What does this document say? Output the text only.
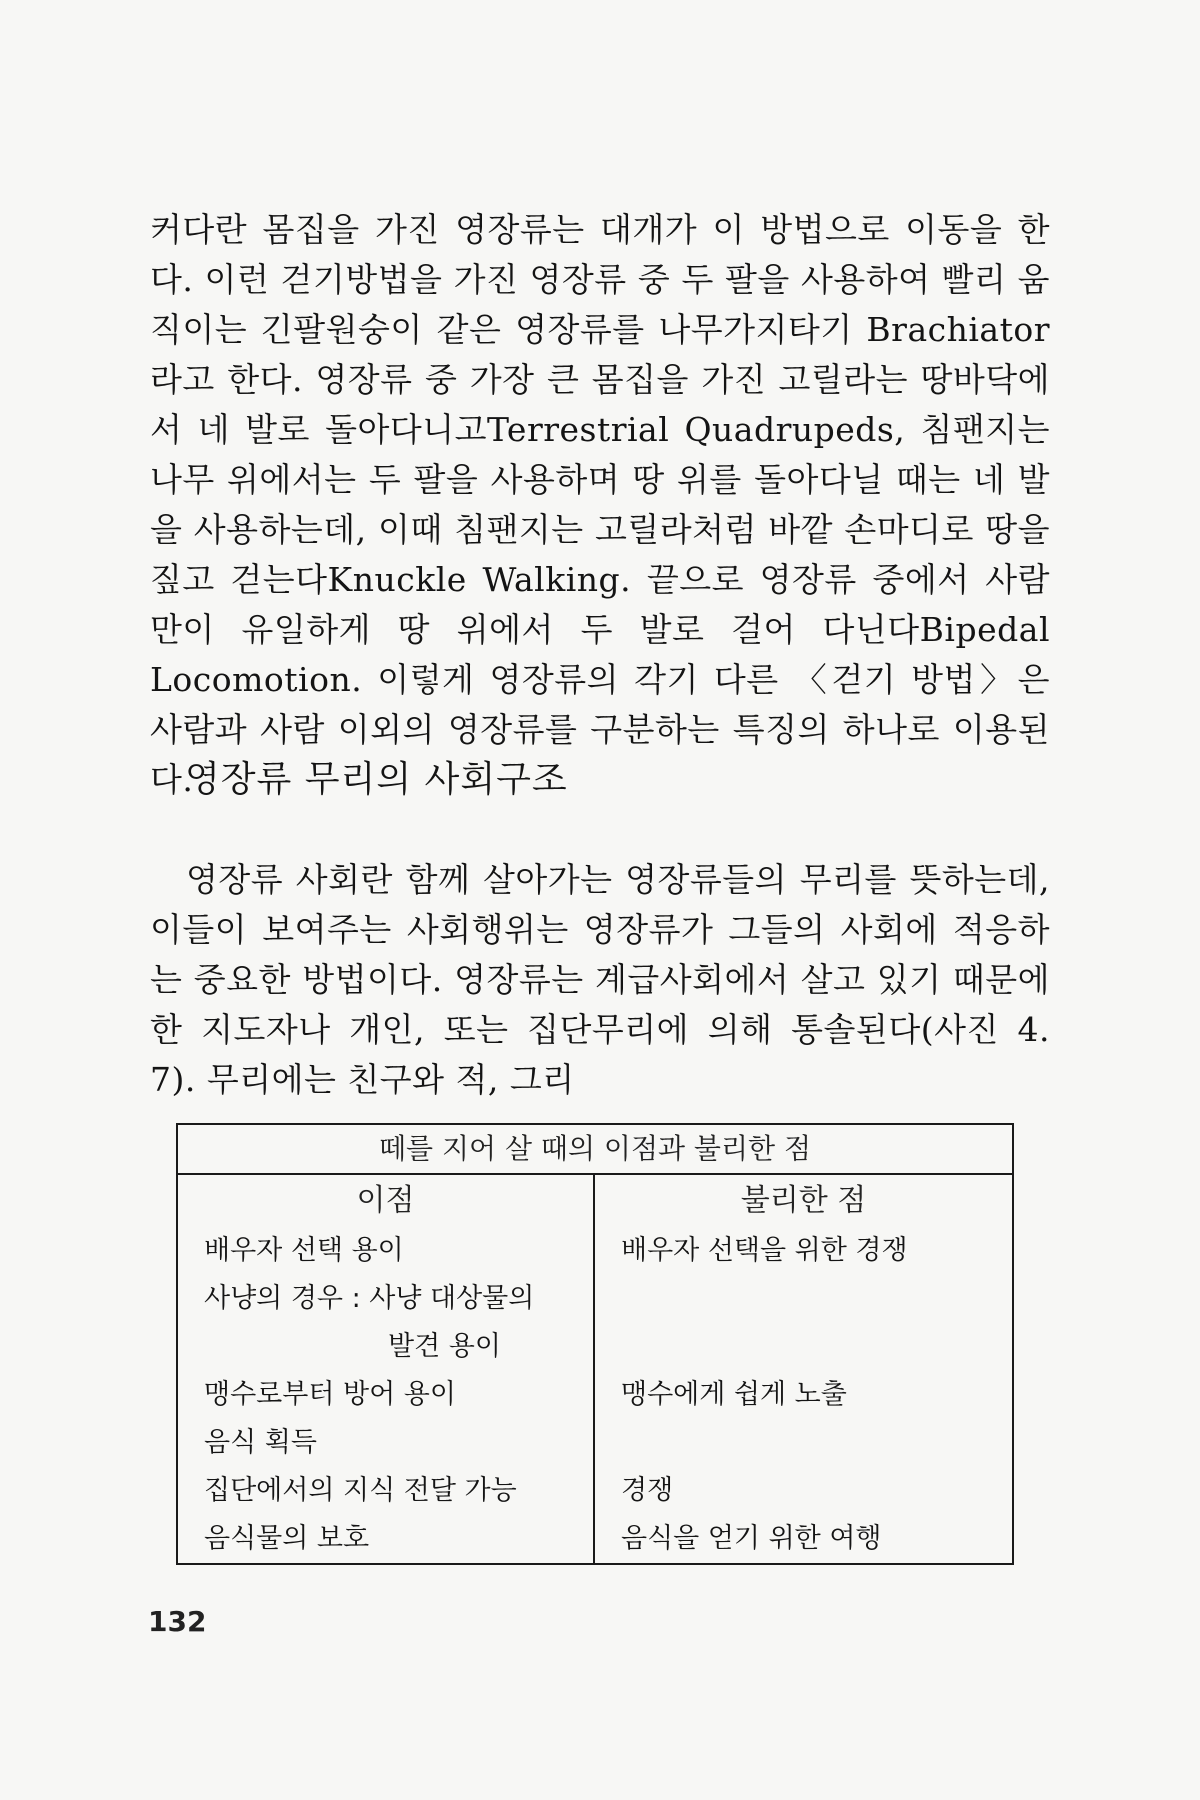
커다란 몸집을 가진 영장류는 대개가 이 방법으로 이동을 한다. 이런 걷기방법을 가진 영장류 중 두 팔을 사용하여 빨리 움직이는 긴팔원숭이 같은 영장류를 나무가지타기 Brachiator라고 한다. 영장류 중 가장 큰 몸집을 가진 고릴라는 땅바닥에서 네 발로 돌아다니고Terrestrial Quadrupeds, 침팬지는 나무 위에서는 두 팔을 사용하며 땅 위를 돌아다닐 때는 네 발을 사용하는데, 이때 침팬지는 고릴라처럼 바깥 손마디로 땅을 짚고 걷는다Knuckle Walking. 끝으로 영장류 중에서 사람만이 유일하게 땅 위에서 두 발로 걸어 다닌다Bipedal Locomotion. 이렇게 영장류의 각기 다른 〈걷기 방법〉은 사람과 사람 이외의 영장류를 구분하는 특징의 하나로 이용된다.

영장류 무리의 사회구조

영장류 사회란 함께 살아가는 영장류들의 무리를 뜻하는데, 이들이 보여주는 사회행위는 영장류가 그들의 사회에 적응하는 중요한 방법이다. 영장류는 계급사회에서 살고 있기 때문에 한 지도자나 개인, 또는 집단무리에 의해 통솔된다(사진 4. 7). 무리에는 친구와 적, 그리

떼를 지어 살 때의 이점과 불리한 점
이점
배우자 선택 용이
사냥의 경우 : 사냥 대상물의
발견 용이
맹수로부터 방어 용이
음식 획득
집단에서의 지식 전달 가능
음식물의 보호
불리한 점
배우자 선택을 위한 경쟁
맹수에게 쉽게 노출
경쟁
음식을 얻기 위한 여행
132
